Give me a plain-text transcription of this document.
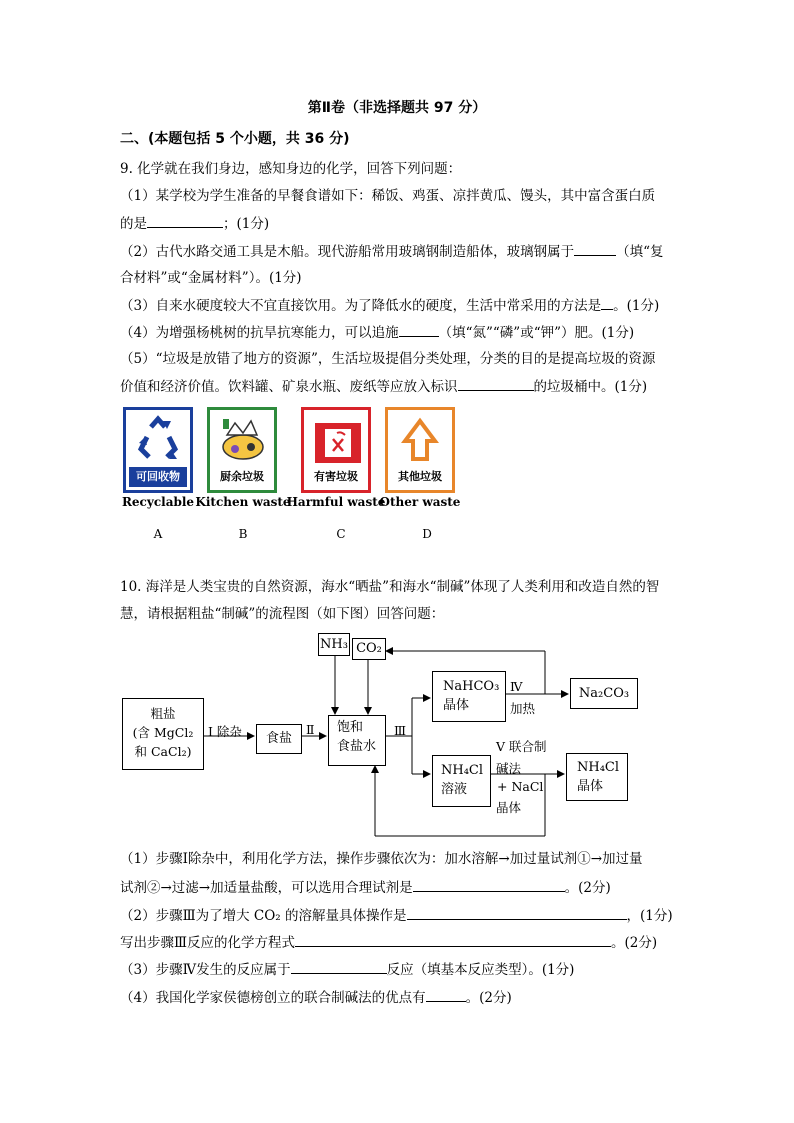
第Ⅱ卷（非选择题共 97 分）
二、(本题包括 5 个小题，共 36 分)
9. 化学就在我们身边，感知身边的化学，回答下列问题：
（1）某学校为学生准备的早餐食谱如下：稀饭、鸡蛋、凉拌黄瓜、馒头，其中富含蛋白质
的是	；(1分)
（2）古代水路交通工具是木船。现代游船常用玻璃钢制造船体，玻璃钢属于	（填“复
合材料”或“金属材料”）。(1分)
（3）自来水硬度较大不宜直接饮用。为了降低水的硬度，生活中常采用的方法是 。(1分)
（4）为增强杨桃树的抗旱抗寒能力，可以追施	（填“氮”“磷”或“钾”）肥。(1分)
（5）“垃圾是放错了地方的资源”，生活垃圾提倡分类处理，分类的目的是提高垃圾的资源
价值和经济价值。饮料罐、矿泉水瓶、废纸等应放入标识	的垃圾桶中。(1分)
可回收物	厨余垃圾	有害垃圾	其他垃圾
Recyclable Kitchen waste
Harmful waste
Other waste
A	B	C	D
10. 海洋是人类宝贵的自然资源，海水“晒盐”和海水“制碱”体现了人类利用和改造自然的智
慧，请根据粗盐“制碱”的流程图（如下图）回答问题：
NH₃ CO₂
粗盐
(含 MgCl₂
和 CaCl₂)
Ⅰ 除杂	食盐
Ⅱ 饱和
食盐水
Ⅲ
NaHCO₃
晶体
Ⅳ
加热
Na₂CO₃
NH₄Cl
溶液
Ⅴ 联合制
碱法
+ NaCl
晶体
NH₄Cl
晶体
（1）步骤Ⅰ除杂中，利用化学方法，操作步骤依次为：加水溶解→加过量试剂①→加过量
试剂②→过滤→加适量盐酸，可以选用合理试剂是	。(2分)
（2）步骤Ⅲ为了增大 CO₂ 的溶解量具体操作是	，(1分)
写出步骤Ⅲ反应的化学方程式	。(2分)
（3）步骤Ⅳ发生的反应属于	反应（填基本反应类型）。(1分)
（4）我国化学家侯德榜创立的联合制碱法的优点有	。(2分)
